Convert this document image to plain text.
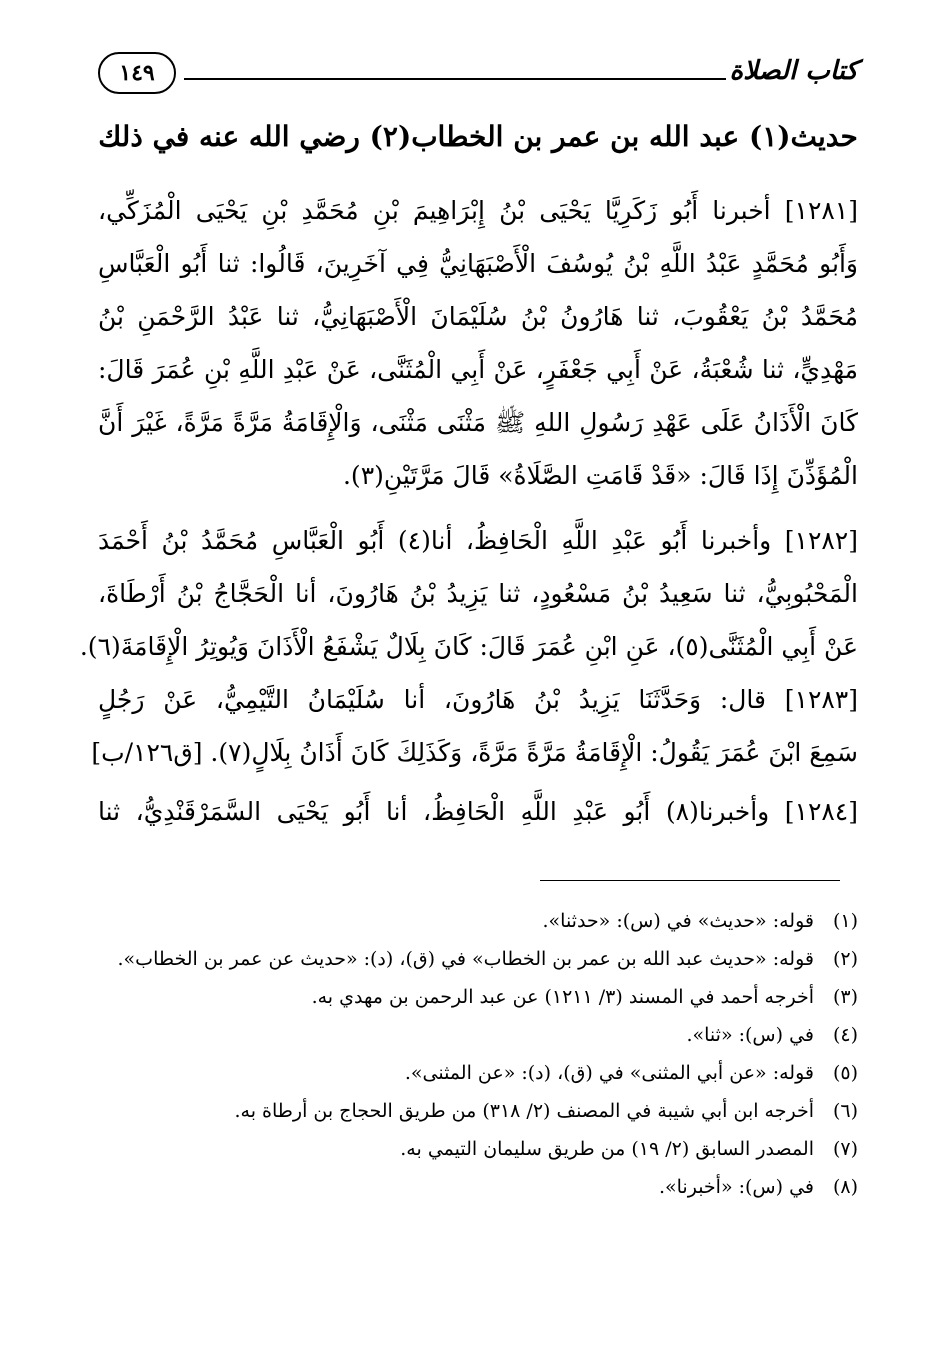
كتاب الصلاة
١٤٩
حديث(١) عبد الله بن عمر بن الخطاب(٢) رضي الله عنه في ذلك
[١٢٨١] أخبرنا أَبُو زَكَرِيَّا يَحْيَى بْنُ إِبْرَاهِيمَ بْنِ مُحَمَّدِ بْنِ يَحْيَى الْمُزَكِّي،
وَأَبُو مُحَمَّدٍ عَبْدُ اللَّهِ بْنُ يُوسُفَ الْأَصْبَهَانِيُّ فِي آخَرِينَ، قَالُوا: ثنا أَبُو الْعَبَّاسِ
مُحَمَّدُ بْنُ يَعْقُوبَ، ثنا هَارُونُ بْنُ سُلَيْمَانَ الْأَصْبَهَانِيُّ، ثنا عَبْدُ الرَّحْمَنِ بْنُ
مَهْدِيٍّ، ثنا شُعْبَةُ، عَنْ أَبِي جَعْفَرٍ، عَنْ أَبِي الْمُثَنَّى، عَنْ عَبْدِ اللَّهِ بْنِ عُمَرَ قَالَ:
كَانَ الْأَذَانُ عَلَى عَهْدِ رَسُولِ اللهِ ﷺ مَثْنَى مَثْنَى، وَالْإِقَامَةُ مَرَّةً مَرَّةً، غَيْرَ أَنَّ
الْمُؤَذِّنَ إِذَا قَالَ: «قَدْ قَامَتِ الصَّلَاةُ» قَالَ مَرَّتَيْنِ(٣).
[١٢٨٢] وأخبرنا أَبُو عَبْدِ اللَّهِ الْحَافِظُ، أنا(٤) أَبُو الْعَبَّاسِ مُحَمَّدُ بْنُ أَحْمَدَ
الْمَحْبُوبِيُّ، ثنا سَعِيدُ بْنُ مَسْعُودٍ، ثنا يَزِيدُ بْنُ هَارُونَ، أنا الْحَجَّاجُ بْنُ أَرْطَاةَ،
عَنْ أَبِي الْمُثَنَّى(٥)، عَنِ ابْنِ عُمَرَ قَالَ: كَانَ بِلَالٌ يَشْفَعُ الْأَذَانَ وَيُوتِرُ الْإِقَامَةَ(٦).
[١٢٨٣] قال: وَحَدَّثَنَا يَزِيدُ بْنُ هَارُونَ، أنا سُلَيْمَانُ التَّيْمِيُّ، عَنْ رَجُلٍ
سَمِعَ ابْنَ عُمَرَ يَقُولُ: الْإِقَامَةُ مَرَّةً مَرَّةً، وَكَذَلِكَ كَانَ أَذَانُ بِلَالٍ(٧). [ق١٢٦/ب]
[١٢٨٤] وأخبرنا(٨) أَبُو عَبْدِ اللَّهِ الْحَافِظُ، أنا أَبُو يَحْيَى السَّمَرْقَنْدِيُّ، ثنا
(١)
قوله: «حديث» في (س): «حدثنا».
(٢)
قوله: «حديث عبد الله بن عمر بن الخطاب» في (ق)، (د): «حديث عن عمر بن الخطاب».
(٣)
أخرجه أحمد في المسند (٣/ ١٢١١) عن عبد الرحمن بن مهدي به.
(٤)
في (س): «ثنا».
(٥)
قوله: «عن أبي المثنى» في (ق)، (د): «عن المثنى».
(٦)
أخرجه ابن أبي شيبة في المصنف (٢/ ٣١٨) من طريق الحجاج بن أرطاة به.
(٧)
المصدر السابق (٢/ ١٩) من طريق سليمان التيمي به.
(٨)
في (س): «أخبرنا».
